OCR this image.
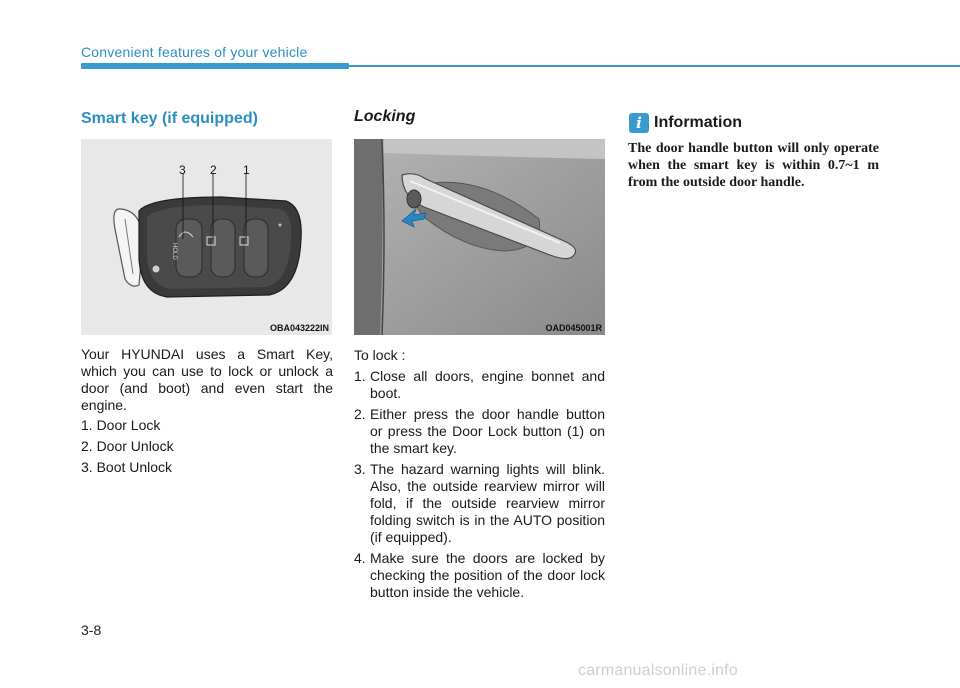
Convenient features of your vehicle
Smart key (if equipped)
HOLD
3 2 1
OBA043222IN
Your HYUNDAI uses a Smart Key, which you can use to lock or unlock a door (and boot) and even start the engine.
1. Door Lock
2. Door Unlock
3. Boot Unlock
Locking
OAD045001R
To lock :
1. Close all doors, engine bonnet and boot.
2. Either press the door handle button or press the Door Lock button (1) on the smart key.
3. The hazard warning lights will blink. Also, the outside rearview mirror will fold, if the outside rearview mirror folding switch is in the AUTO position (if equipped).
4. Make sure the doors are locked by checking the position of the door lock button inside the vehicle.
i Information
The door handle button will only operate when the smart key is within 0.7~1 m from the outside door handle.
3-8
carmanualsonline.info
